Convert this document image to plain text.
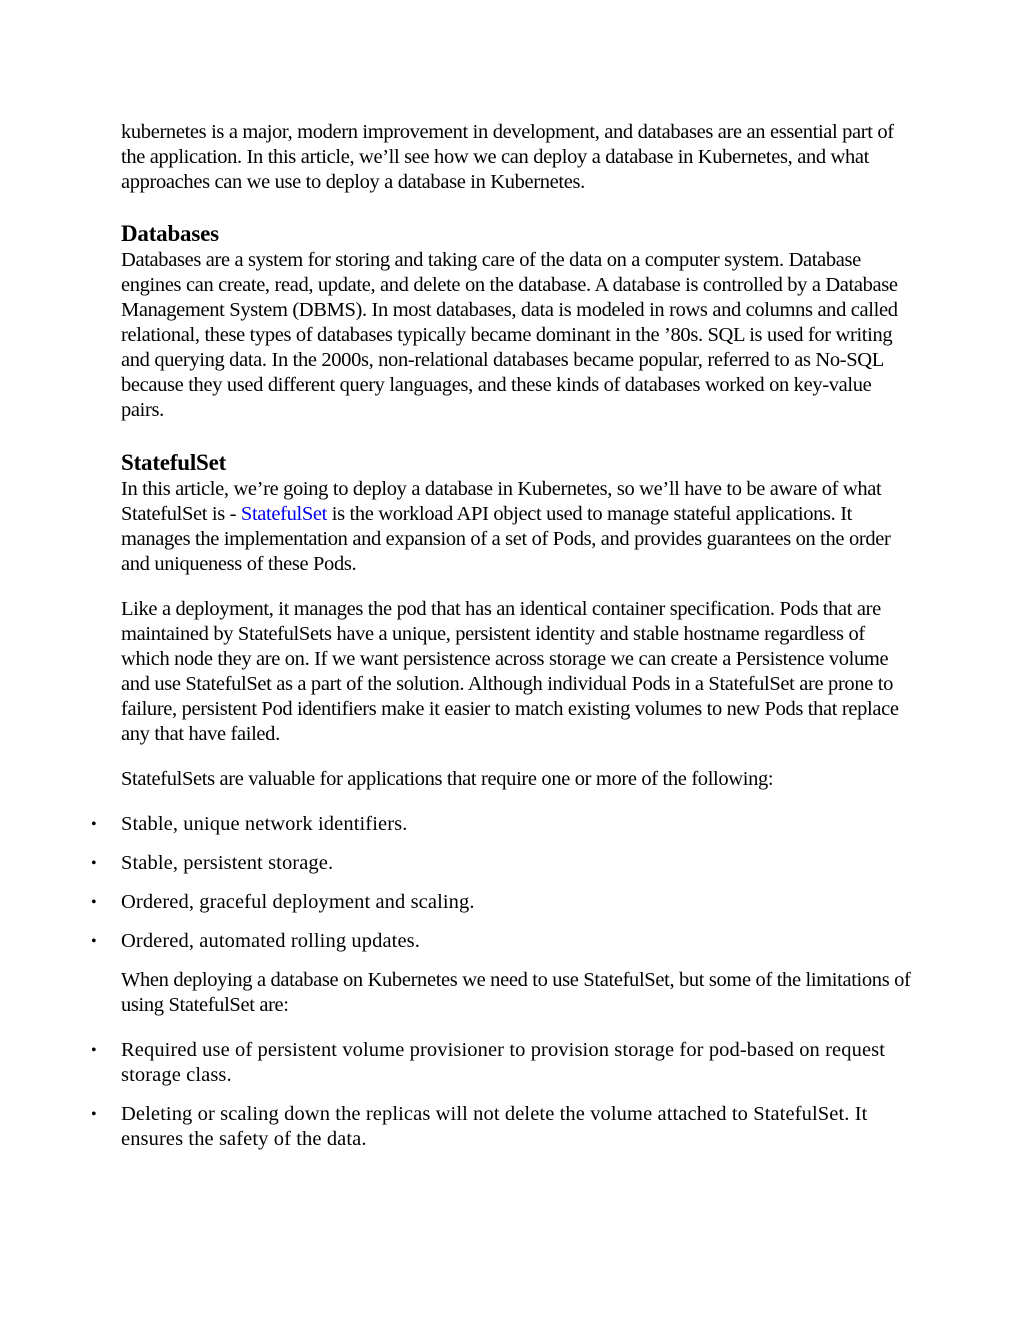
kubernetes is a major, modern improvement in development, and databases are an essential part of the application. In this article, we’ll see how we can deploy a database in Kubernetes, and what approaches can we use to deploy a database in Kubernetes.

Databases

Databases are a system for storing and taking care of the data on a computer system. Database engines can create, read, update, and delete on the database. A database is controlled by a Database Management System (DBMS). In most databases, data is modeled in rows and columns and called relational, these types of databases typically became dominant in the ’80s. SQL is used for writing and querying data. In the 2000s, non-relational databases became popular, referred to as No-SQL because they used different query languages, and these kinds of databases worked on key-value pairs.

StatefulSet

In this article, we’re going to deploy a database in Kubernetes, so we’ll have to be aware of what StatefulSet is - StatefulSet is the workload API object used to manage stateful applications. It manages the implementation and expansion of a set of Pods, and provides guarantees on the order and uniqueness of these Pods.

Like a deployment, it manages the pod that has an identical container specification. Pods that are maintained by StatefulSets have a unique, persistent identity and stable hostname regardless of which node they are on. If we want persistence across storage we can create a Persistence volume and use StatefulSet as a part of the solution. Although individual Pods in a StatefulSet are prone to failure, persistent Pod identifiers make it easier to match existing volumes to new Pods that replace any that have failed.

StatefulSets are valuable for applications that require one or more of the following:

• Stable, unique network identifiers.
• Stable, persistent storage.
• Ordered, graceful deployment and scaling.
• Ordered, automated rolling updates.

When deploying a database on Kubernetes we need to use StatefulSet, but some of the limitations of using StatefulSet are:

• Required use of persistent volume provisioner to provision storage for pod-based on request storage class.
• Deleting or scaling down the replicas will not delete the volume attached to StatefulSet. It ensures the safety of the data.
